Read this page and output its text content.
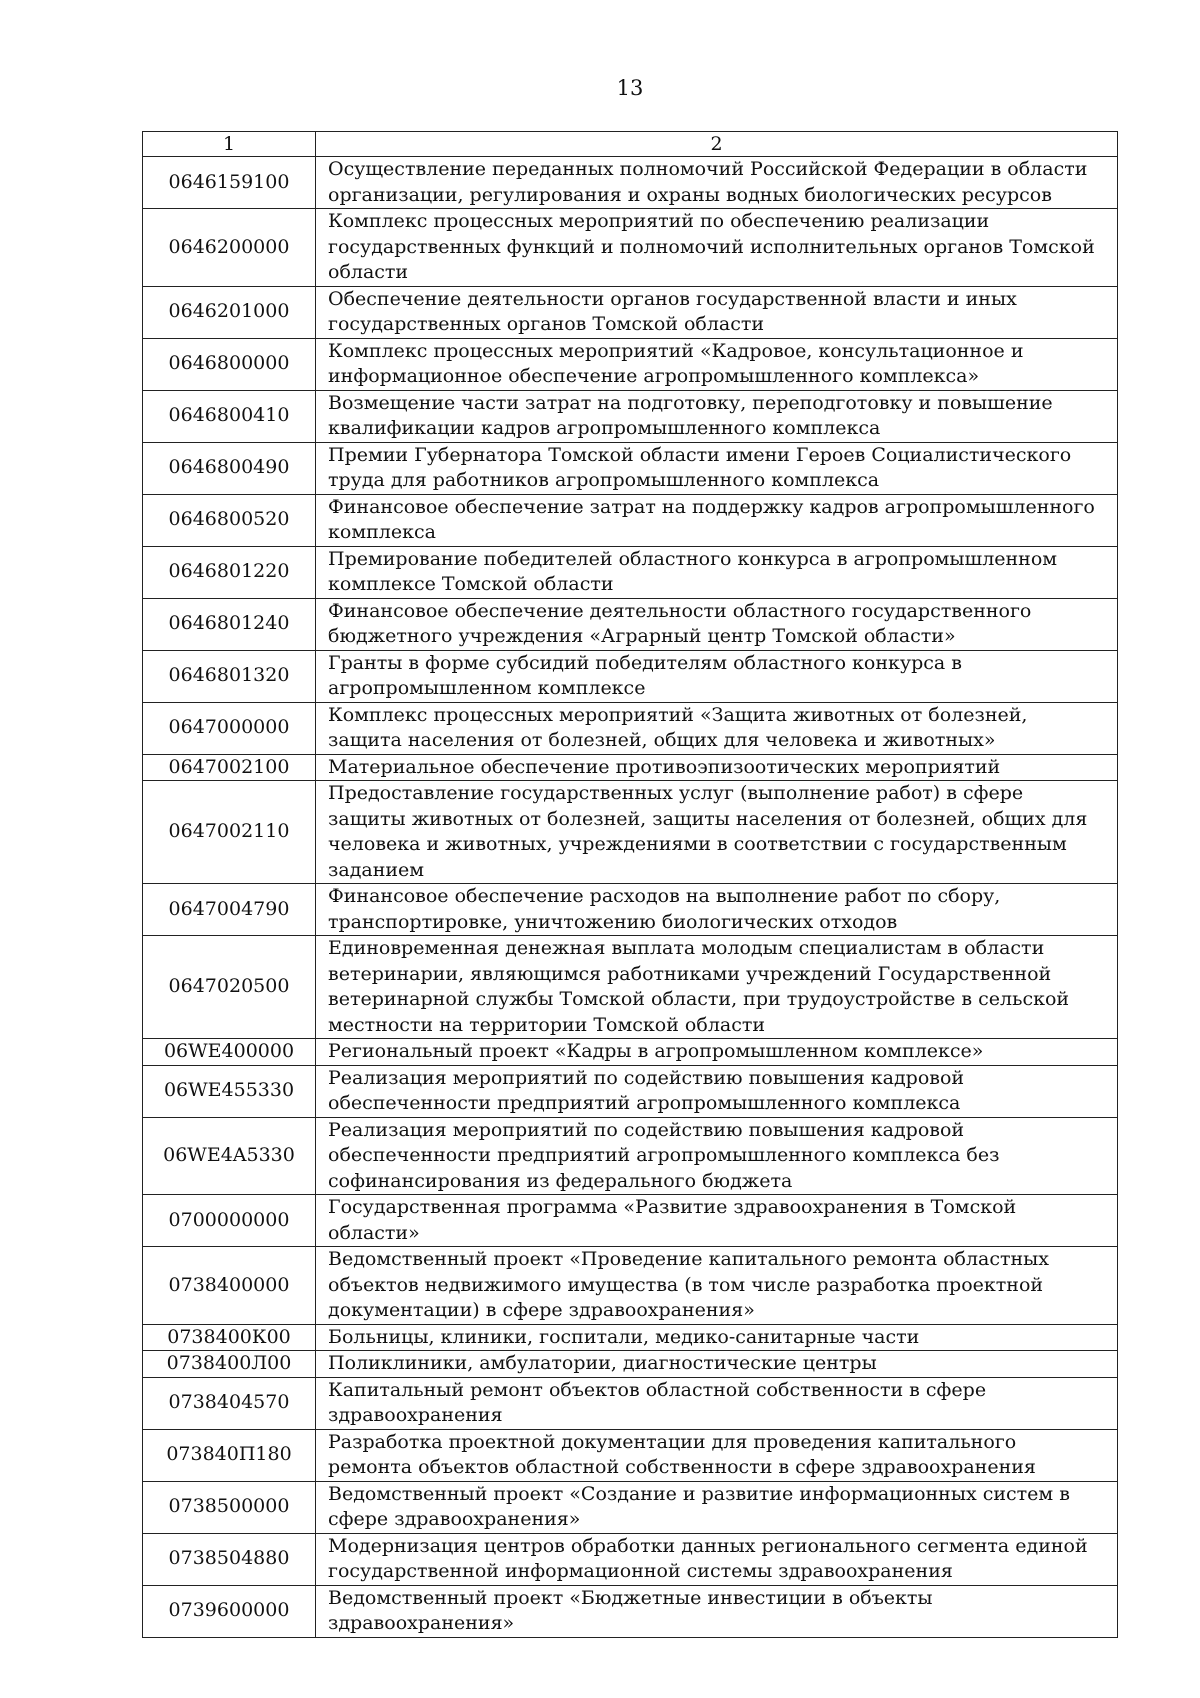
13
1	2
0646159100	Осуществление переданных полномочий Российской Федерации в области организации, регулирования и охраны водных биологических ресурсов
0646200000	Комплекс процессных мероприятий по обеспечению реализации государственных функций и полномочий исполнительных органов Томской области
0646201000	Обеспечение деятельности органов государственной власти и иных государственных органов Томской области
0646800000	Комплекс процессных мероприятий «Кадровое, консультационное и информационное обеспечение агропромышленного комплекса»
0646800410	Возмещение части затрат на подготовку, переподготовку и повышение квалификации кадров агропромышленного комплекса
0646800490	Премии Губернатора Томской области имени Героев Социалистического труда для работников агропромышленного комплекса
0646800520	Финансовое обеспечение затрат на поддержку кадров агропромышленного комплекса
0646801220	Премирование победителей областного конкурса в агропромышленном комплексе Томской области
0646801240	Финансовое обеспечение деятельности областного государственного бюджетного учреждения «Аграрный центр Томской области»
0646801320	Гранты в форме субсидий победителям областного конкурса в агропромышленном комплексе
0647000000	Комплекс процессных мероприятий «Защита животных от болезней, защита населения от болезней, общих для человека и животных»
0647002100	Материальное обеспечение противоэпизоотических мероприятий
0647002110	Предоставление государственных услуг (выполнение работ) в сфере защиты животных от болезней, защиты населения от болезней, общих для человека и животных, учреждениями в соответствии с государственным заданием
0647004790	Финансовое обеспечение расходов на выполнение работ по сбору, транспортировке, уничтожению биологических отходов
0647020500	Единовременная денежная выплата молодым специалистам в области ветеринарии, являющимся работниками учреждений Государственной ветеринарной службы Томской области, при трудоустройстве в сельской местности на территории Томской области
06WE400000	Региональный проект «Кадры в агропромышленном комплексе»
06WE455330	Реализация мероприятий по содействию повышения кадровой обеспеченности предприятий агропромышленного комплекса
06WE4A5330	Реализация мероприятий по содействию повышения кадровой обеспеченности предприятий агропромышленного комплекса без софинансирования из федерального бюджета
0700000000	Государственная программа «Развитие здравоохранения в Томской области»
0738400000	Ведомственный проект «Проведение капитального ремонта областных объектов недвижимого имущества (в том числе разработка проектной документации) в сфере здравоохранения»
0738400К00	Больницы, клиники, госпитали, медико-санитарные части
0738400Л00	Поликлиники, амбулатории, диагностические центры
0738404570	Капитальный ремонт объектов областной собственности в сфере здравоохранения
073840П180	Разработка проектной документации для проведения капитального ремонта объектов областной собственности в сфере здравоохранения
0738500000	Ведомственный проект «Создание и развитие информационных систем в сфере здравоохранения»
0738504880	Модернизация центров обработки данных регионального сегмента единой государственной информационной системы здравоохранения
0739600000	Ведомственный проект «Бюджетные инвестиции в объекты здравоохранения»
